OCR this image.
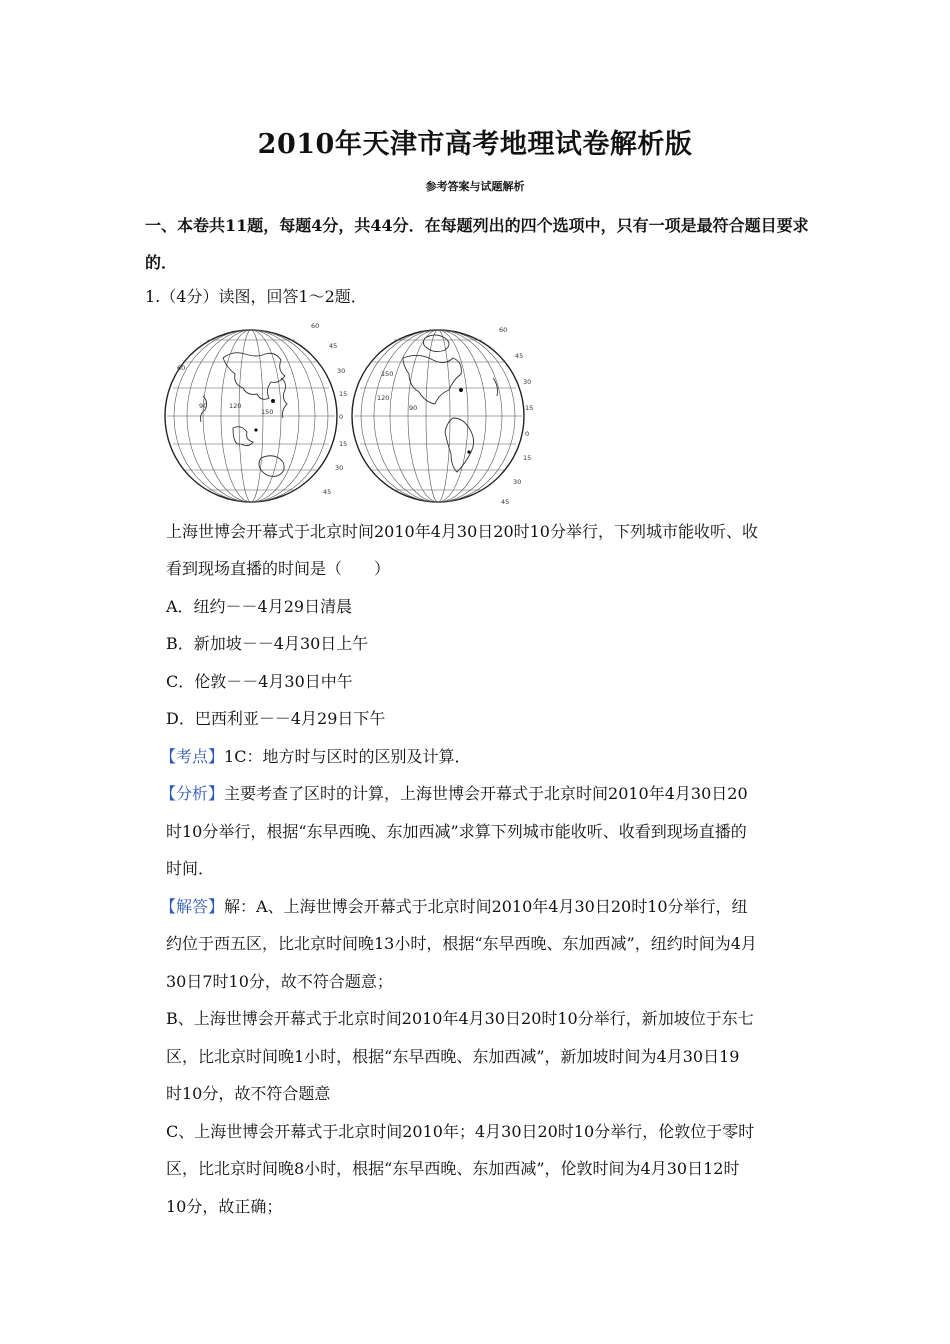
2010年天津市高考地理试卷解析版
参考答案与试题解析
一、本卷共11题，每题4分，共44分．在每题列出的四个选项中，只有一项是最符合题目要求的．
1.（4分）读图，回答1～2题．
60
45
30
15
0
15
30
45
60
90	120
150
60
45
30
15
0
15
30
45
150
120
90
上海世博会开幕式于北京时间2010年4月30日20时10分举行，下列城市能收听、收
看到现场直播的时间是（　　）
A．纽约－－4月29日清晨
B．新加坡－－4月30日上午
C．伦敦－－4月30日中午
D．巴西利亚－－4月29日下午
【考点】1C：地方时与区时的区别及计算．
【分析】主要考查了区时的计算，上海世博会开幕式于北京时间2010年4月30日20
时10分举行，根据“东早西晚、东加西减”求算下列城市能收听、收看到现场直播的
时间．
【解答】解：A、上海世博会开幕式于北京时间2010年4月30日20时10分举行，纽
约位于西五区，比北京时间晚13小时，根据“东早西晚、东加西减”，纽约时间为4月
30日7时10分，故不符合题意；
B、上海世博会开幕式于北京时间2010年4月30日20时10分举行，新加坡位于东七
区，比北京时间晚1小时，根据“东早西晚、东加西减”，新加坡时间为4月30日19
时10分，故不符合题意
C、上海世博会开幕式于北京时间2010年；4月30日20时10分举行，伦敦位于零时
区，比北京时间晚8小时，根据“东早西晚、东加西减”，伦敦时间为4月30日12时
10分，故正确；
